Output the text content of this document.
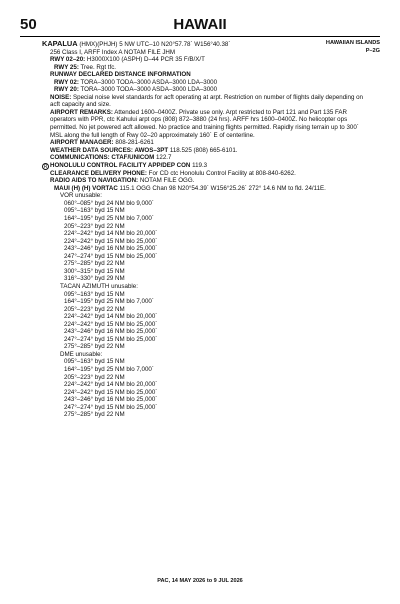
50	HAWAII
HAWAIIAN ISLANDS
P–2G
KAPALUA (HMX)(PHJH) 5 NW UTC–10 N20°57.78´ W156°40.38´
256 Class I, ARFF Index A NOTAM FILE JHM
RWY 02–20: H3000X100 (ASPH) D–44 PCR 35 F/B/X/T
RWY 25: Tree. Rgt tfc.
RUNWAY DECLARED DISTANCE INFORMATION
RWY 02: TORA–3000 TODA–3000 ASDA–3000 LDA–3000
RWY 20: TORA–3000 TODA–3000 ASDA–3000 LDA–3000
NOISE: Special noise level standards for acft operating at arpt. Restriction on number of flights daily depending on acft capacity and size.
AIRPORT REMARKS: Attended 1600–0400Z. Private use only. Arpt restricted to Part 121 and Part 135 FAR operators with PPR, ctc Kahului arpt ops (808) 872–3880 (24 hrs). ARFF hrs 1600–0400Z. No helicopter ops permitted. No jet powered acft allowed. No practice and training flights permitted. Rapidly rising terrain up to 300´ MSL along the full length of Rwy 02–20 approximately 160´ E of centerline.
AIRPORT MANAGER: 808-281-6261
WEATHER DATA SOURCES: AWOS–3PT 118.525 (808) 665-6101.
COMMUNICATIONS: CTAF/UNICOM 122.7
R HONOLULU CONTROL FACILITY APP/DEP CON 119.3
CLEARANCE DELIVERY PHONE: For CD ctc Honolulu Control Facility at 808-840-6262.
RADIO AIDS TO NAVIGATION: NOTAM FILE OGG.
MAUI (H) (H) VORTAC 115.1 OGG Chan 98 N20°54.39´ W156°25.26´ 272° 14.6 NM to fld. 24/11E.
VOR unusable:
060°–085° byd 24 NM blo 9,000´
095°–163° byd 15 NM
164°–195° byd 25 NM blo 7,000´
205°–223° byd 22 NM
224°–242° byd 14 NM blo 20,000´
224°–242° byd 15 NM blo 25,000´
243°–246° byd 16 NM blo 25,000´
247°–274° byd 15 NM blo 25,000´
275°–285° byd 22 NM
300°–315° byd 15 NM
316°–330° byd 29 NM
TACAN AZIMUTH unusable:
095°–163° byd 15 NM
164°–195° byd 25 NM blo 7,000´
205°–223° byd 22 NM
224°–242° byd 14 NM blo 20,000´
224°–242° byd 15 NM blo 25,000´
243°–246° byd 16 NM blo 25,000´
247°–274° byd 15 NM blo 25,000´
275°–285° byd 22 NM
DME unusable:
095°–163° byd 15 NM
164°–195° byd 25 NM blo 7,000´
205°–223° byd 22 NM
224°–242° byd 14 NM blo 20,000´
224°–242° byd 15 NM blo 25,000´
243°–246° byd 16 NM blo 25,000´
247°–274° byd 15 NM blo 25,000´
275°–285° byd 22 NM
PAC, 14 MAY 2026 to 9 JUL 2026
